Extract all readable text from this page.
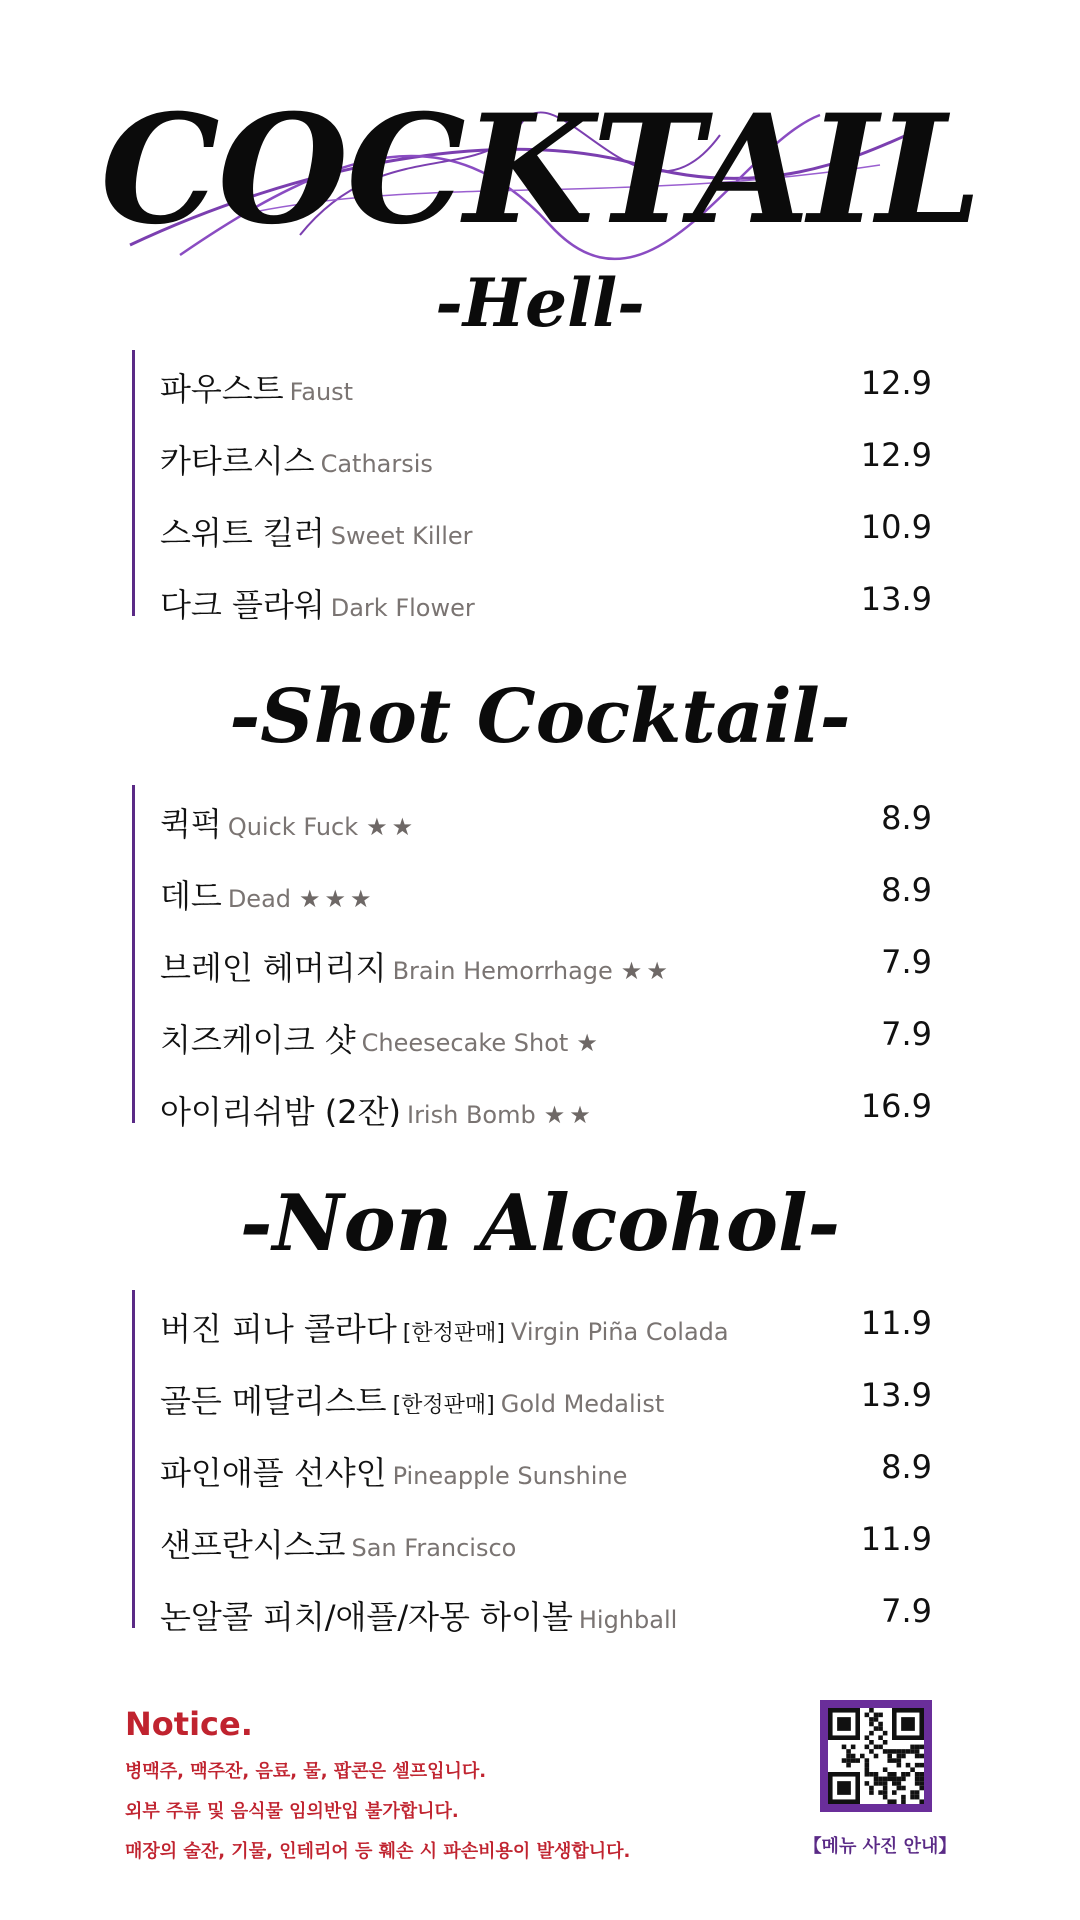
COCKTAIL
-Hell-
파우스트 Faust	12.9
카타르시스 Catharsis	12.9
스위트 킬러 Sweet Killer	10.9
다크 플라워 Dark Flower	13.9
-Shot Cocktail-
퀵퍽 Quick Fuck ★★	8.9
데드 Dead ★★★	8.9
브레인 헤머리지 Brain Hemorrhage ★★	7.9
치즈케이크 샷 Cheesecake Shot ★	7.9
아이리쉬밤 (2잔) Irish Bomb ★★	16.9
-Non Alcohol-
버진 피나 콜라다 [한정판매] Virgin Piña Colada	11.9
골든 메달리스트 [한정판매] Gold Medalist	13.9
파인애플 선샤인 Pineapple Sunshine	8.9
샌프란시스코 San Francisco	11.9
논알콜 피치/애플/자몽 하이볼 Highball	7.9
Notice.
병맥주, 맥주잔, 음료, 물, 팝콘은 셀프입니다.
외부 주류 및 음식물 임의반입 불가합니다.
매장의 술잔, 기물, 인테리어 등 훼손 시 파손비용이 발생합니다.	【메뉴 사진 안내】
